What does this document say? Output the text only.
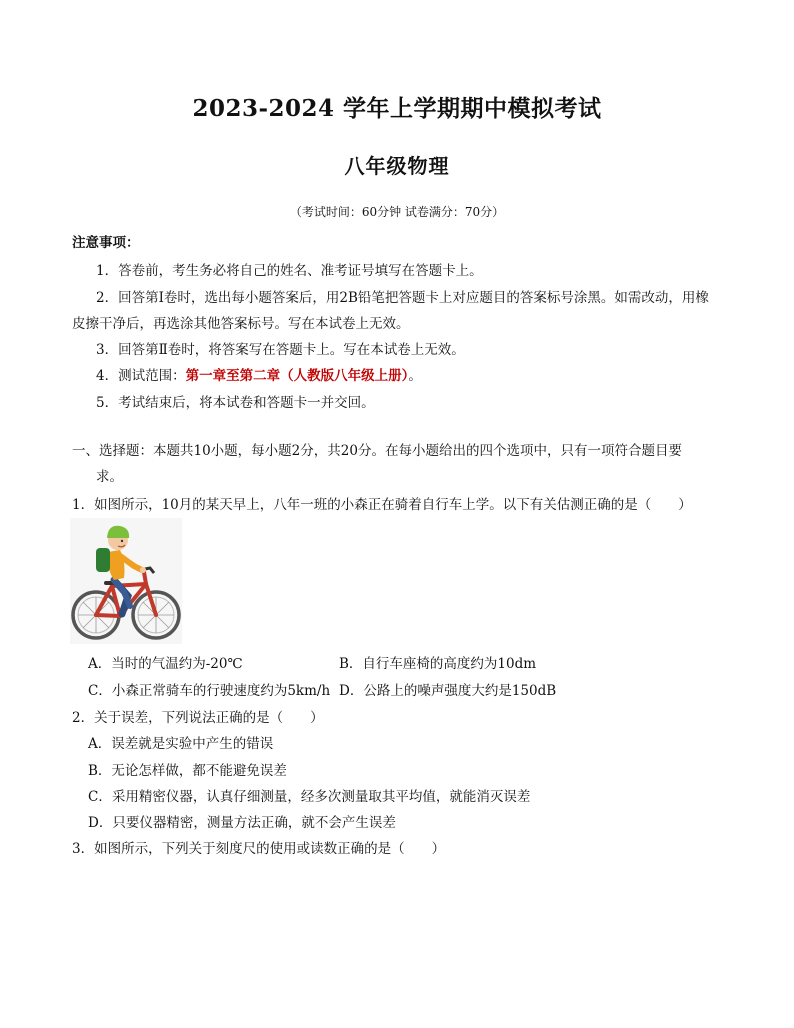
2023-2024 学年上学期期中模拟考试
八年级物理
（考试时间：60分钟 试卷满分：70分）
注意事项：
1．答卷前，考生务必将自己的姓名、准考证号填写在答题卡上。
2．回答第Ⅰ卷时，选出每小题答案后，用2B铅笔把答题卡上对应题目的答案标号涂黑。如需改动，用橡
皮擦干净后，再选涂其他答案标号。写在本试卷上无效。
3．回答第Ⅱ卷时，将答案写在答题卡上。写在本试卷上无效。
4．测试范围：第一章至第二章（人教版八年级上册）。
5．考试结束后，将本试卷和答题卡一并交回。
一、选择题：本题共10小题，每小题2分，共20分。在每小题给出的四个选项中，只有一项符合题目要
求。
1．如图所示，10月的某天早上，八年一班的小森正在骑着自行车上学。以下有关估测正确的是（　　）
A．当时的气温约为-20℃	B．自行车座椅的高度约为10dm
C．小森正常骑车的行驶速度约为5km/h D．公路上的噪声强度大约是150dB
2．关于误差，下列说法正确的是（　　）
A．误差就是实验中产生的错误
B．无论怎样做，都不能避免误差
C．采用精密仪器，认真仔细测量，经多次测量取其平均值，就能消灭误差
D．只要仪器精密，测量方法正确，就不会产生误差
3．如图所示，下列关于刻度尺的使用或读数正确的是（　　）
